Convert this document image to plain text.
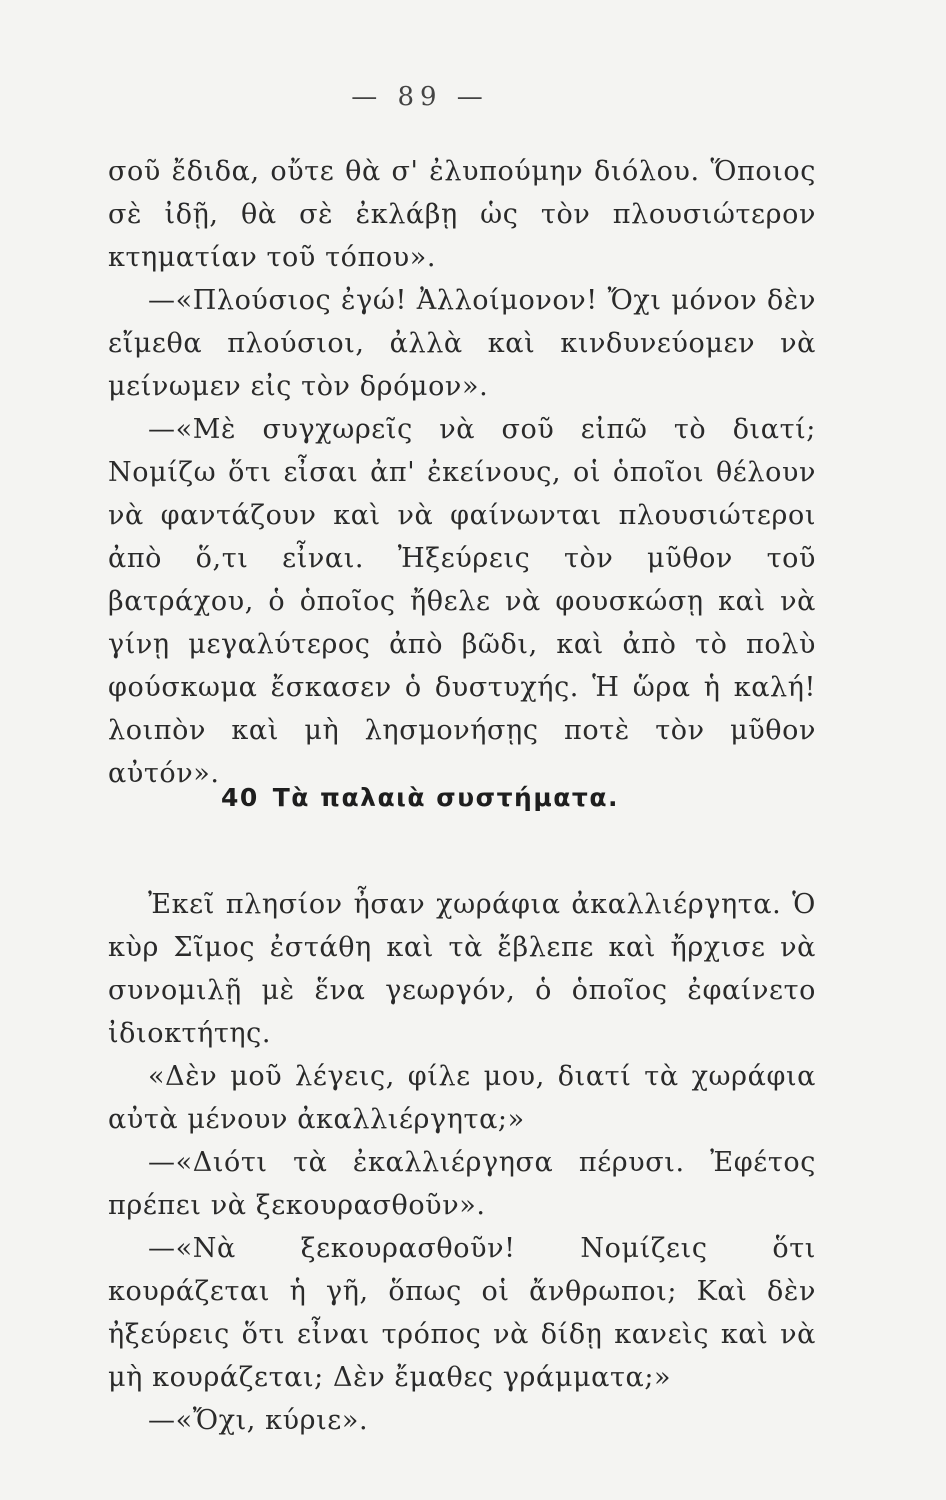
— 89 —

σοῦ ἔδιδα, οὔτε θὰ σ' ἐλυπούμην διόλου. Ὅποιος σὲ ἰδῇ, θὰ σὲ ἐκλάβῃ ὡς τὸν πλουσιώτερον κτηματίαν τοῦ τόπου».

—«Πλούσιος ἐγώ! Ἀλλοίμονον! Ὄχι μόνον δὲν εἴμεθα πλούσιοι, ἀλλὰ καὶ κινδυνεύομεν νὰ μείνωμεν εἰς τὸν δρόμον».

—«Μὲ συγχωρεῖς νὰ σοῦ εἰπῶ τὸ διατί; Νομίζω ὅτι εἶσαι ἀπ' ἐκείνους, οἱ ὁποῖοι θέλουν νὰ φαντάζουν καὶ νὰ φαίνωνται πλουσιώτεροι ἀπὸ ὅ,τι εἶναι. Ἠξεύρεις τὸν μῦθον τοῦ βατράχου, ὁ ὁποῖος ἤθελε νὰ φουσκώσῃ καὶ νὰ γίνῃ μεγαλύτερος ἀπὸ βῶδι, καὶ ἀπὸ τὸ πολὺ φούσκωμα ἔσκασεν ὁ δυστυχής. Ἡ ὥρα ἡ καλή! λοιπὸν καὶ μὴ λησμονήσῃς ποτὲ τὸν μῦθον αὐτόν».

40 Τὰ παλαιὰ συστήματα.

Ἐκεῖ πλησίον ἦσαν χωράφια ἀκαλλιέργητα. Ὁ κὺρ Σῖμος ἐστάθη καὶ τὰ ἔβλεπε καὶ ἤρχισε νὰ συνομιλῇ μὲ ἕνα γεωργόν, ὁ ὁποῖος ἐφαίνετο ἰδιοκτήτης.

«Δὲν μοῦ λέγεις, φίλε μου, διατί τὰ χωράφια αὐτὰ μένουν ἀκαλλιέργητα;»

—«Διότι τὰ ἐκαλλιέργησα πέρυσι. Ἐφέτος πρέπει νὰ ξεκουρασθοῦν».

—«Νὰ ξεκουρασθοῦν! Νομίζεις ὅτι κουράζεται ἡ γῆ, ὅπως οἱ ἄνθρωποι; Καὶ δὲν ἠξεύρεις ὅτι εἶναι τρόπος νὰ δίδῃ κανεὶς καὶ νὰ μὴ κουράζεται; Δὲν ἔμαθες γράμματα;»

—«Ὄχι, κύριε».
